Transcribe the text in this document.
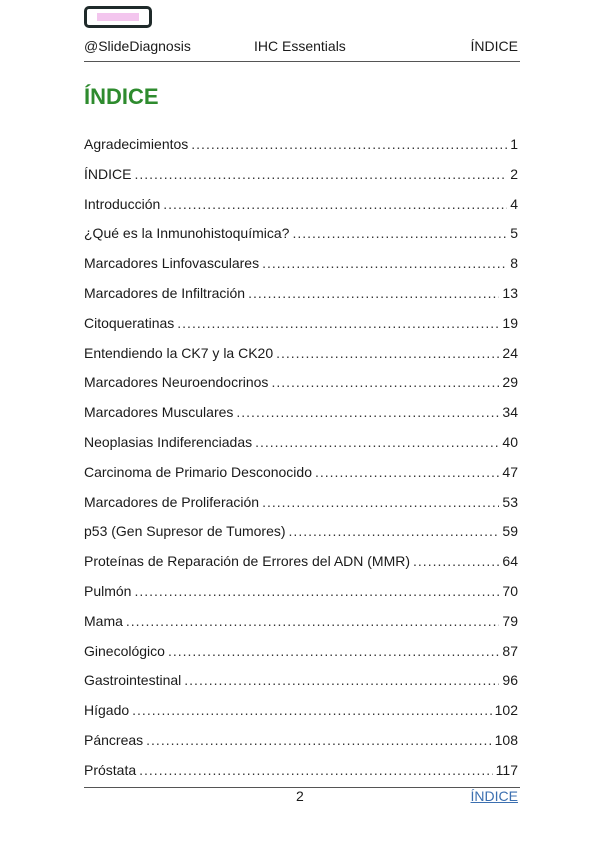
@SlideDiagnosis	IHC Essentials	ÍNDICE
ÍNDICE
Agradecimientos .....	1
ÍNDICE .....	2
Introducción .....	4
¿Qué es la Inmunohistoquímica? .....	5
Marcadores Linfovasculares .....	8
Marcadores de Infiltración .....	13
Citoqueratinas .....	19
Entendiendo la CK7 y la CK20 .....	24
Marcadores Neuroendocrinos .....	29
Marcadores Musculares .....	34
Neoplasias Indiferenciadas .....	40
Carcinoma de Primario Desconocido .....	47
Marcadores de Proliferación .....	53
p53 (Gen Supresor de Tumores) .....	59
Proteínas de Reparación de Errores del ADN (MMR) .....	64
Pulmón .....	70
Mama .....	79
Ginecológico .....	87
Gastrointestinal .....	96
Hígado .....	102
Páncreas .....	108
Próstata .....	117
2	ÍNDICE
